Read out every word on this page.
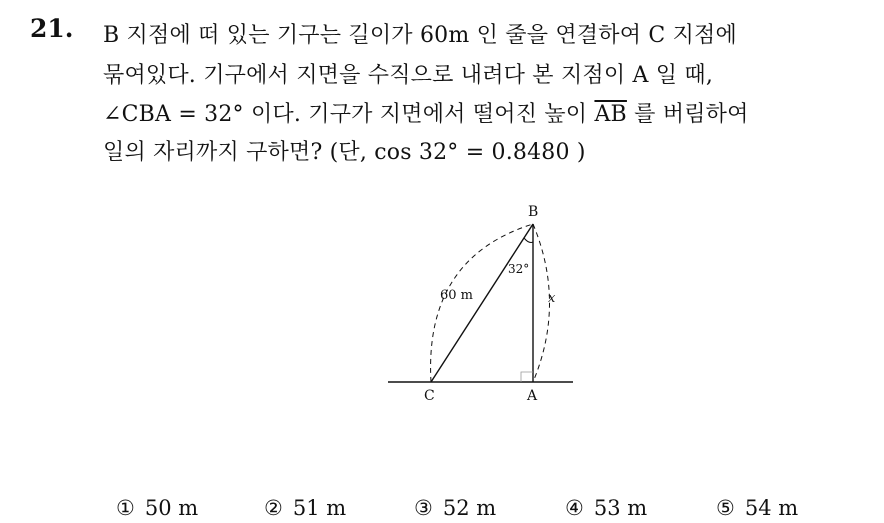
21. B 지점에 떠 있는 기구는 길이가 60m 인 줄을 연결하여 C 지점에
묶여있다. 기구에서 지면을 수직으로 내려다 본 지점이 A 일 때,
∠CBA = 32° 이다. 기구가 지면에서 떨어진 높이 $\overline{AB}$ 를 버림하여
일의 자리까지 구하면? (단, cos 32° = 0.8480 )
B
C	A
60 m
32°
x
① 50 m	② 51 m	③ 52 m	④ 53 m	⑤ 54 m
